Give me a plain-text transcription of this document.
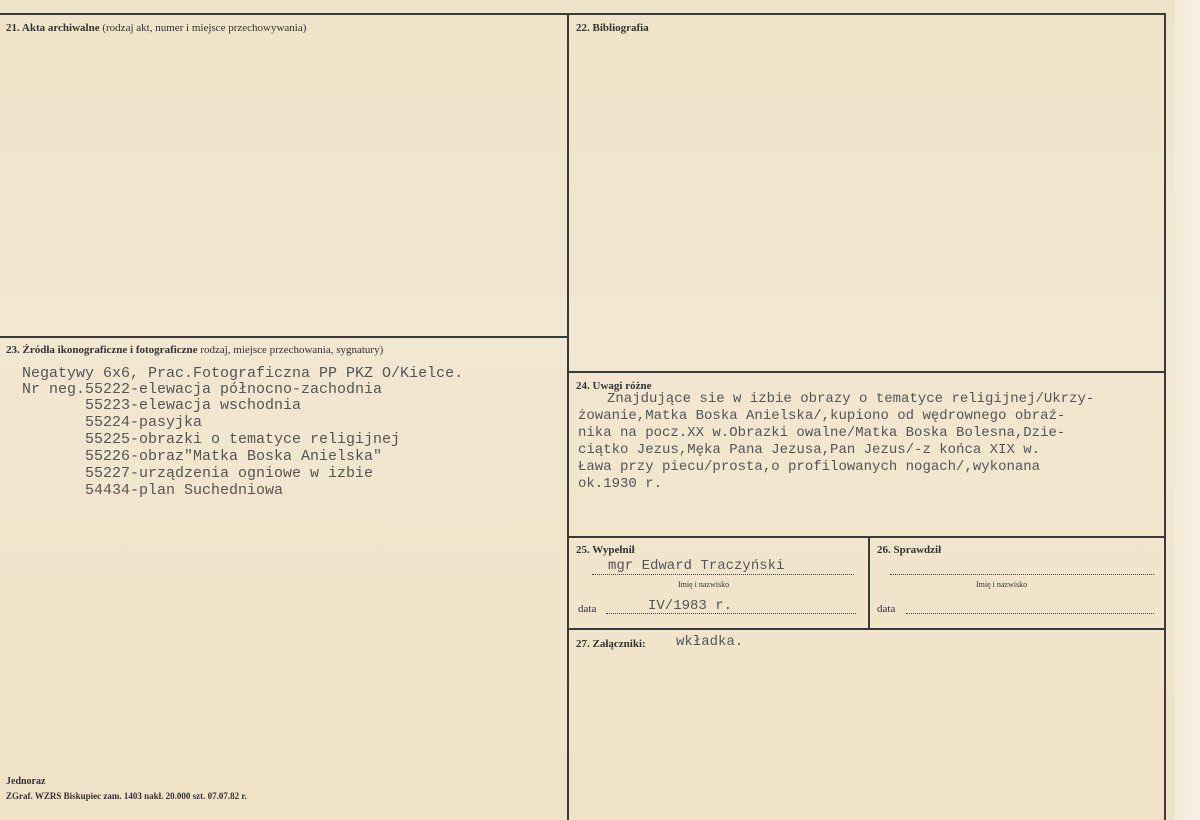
21. Akta archiwalne (rodzaj akt, numer i miejsce przechowywania)	22. Bibliografia
23. Źródła ikonograficzne i fotograficzne rodzaj, miejsce przechowania, sygnatury)
Negatywy 6x6, Prac.Fotograficzna PP PKZ O/Kielce.
Nr neg.55222-elewacja północno-zachodnia
55223-elewacja wschodnia
55224-pasyjka
55225-obrazki o tematyce religijnej
55226-obraz"Matka Boska Anielska"
55227-urządzenia ogniowe w izbie
54434-plan Suchedniowa
24. Uwagi różne
Znajdujące sie w izbie obrazy o tematyce religijnej/Ukrzy-
żowanie,Matka Boska Anielska/,kupiono od wędrownego obraź-
nika na pocz.XX w.Obrazki owalne/Matka Boska Bolesna,Dzie-
ciątko Jezus,Męka Pana Jezusa,Pan Jezus/-z końca XIX w.
Ława przy piecu/prosta,o profilowanych nogach/,wykonana
ok.1930 r.
25. Wypełnił
mgr Edward Traczyński
Imię i nazwisko
data	IV/1983 r.
26. Sprawdził
Imię i nazwisko
data
27. Załączniki: wkładka.
Jednoraz
ZGraf. WZRS Biskupiec zam. 1403 nakł. 20.000 szt. 07.07.82 r.
